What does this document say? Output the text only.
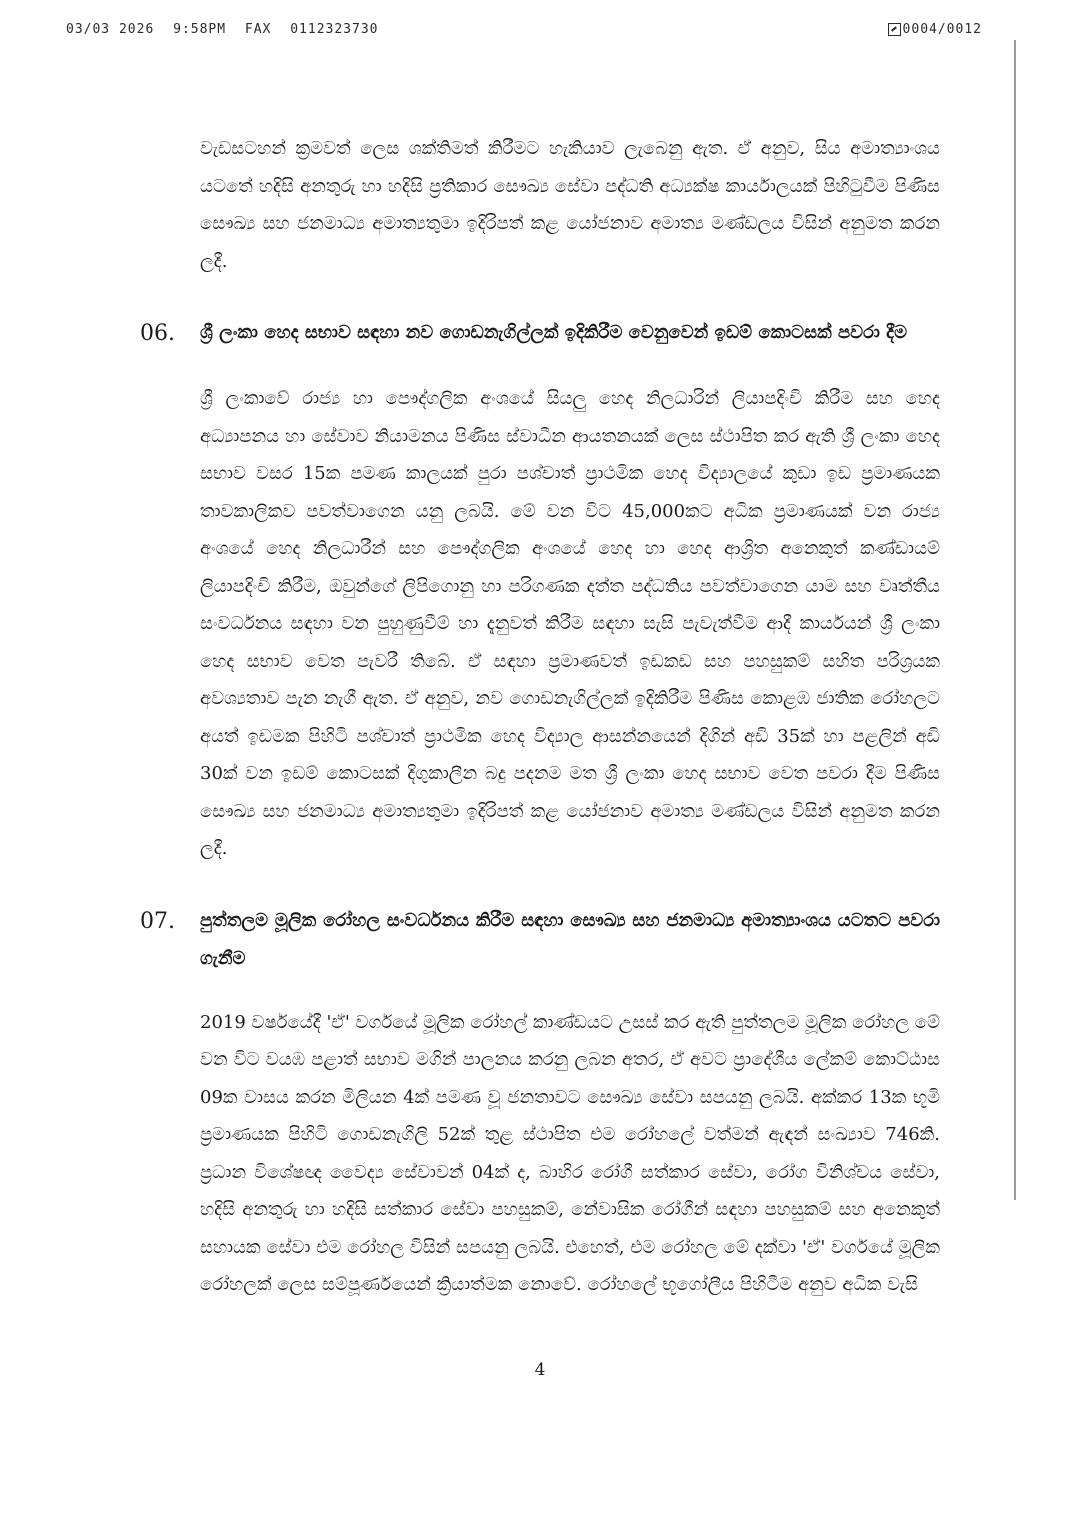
03/03 2026 9:58PM FAX 0112323730	0004/0012

වැඩසටහන් ක්‍රමවත් ලෙස ශක්තිමත් කිරීමට හැකියාව ලැබෙනු ඇත. ඒ අනුව, සිය අමාත්‍යාංශය යටතේ හදිසි අනතුරු හා හදිසි ප්‍රතිකාර සෞඛ්‍ය සේවා පද්ධති අධ්‍යක්ෂ කාර්යාලයක් පිහිටුවීම පිණිස සෞඛ්‍ය සහ ජනමාධ්‍ය අමාත්‍යතුමා ඉදිරිපත් කළ යෝජනාව අමාත්‍ය මණ්ඩලය විසින් අනුමත කරන ලදී.

06.	ශ්‍රී ලංකා හෙද සභාව සඳහා නව ගොඩනැගිල්ලක් ඉදිකිරීම වෙනුවෙන් ඉඩම් කොටසක් පවරා දීම

ශ්‍රී ලංකාවේ රාජ්‍ය හා පෞද්ගලික අංශයේ සියලු හෙද නිලධාරින් ලියාපදිංචි කිරීම සහ හෙද අධ්‍යාපනය හා සේවාව නියාමනය පිණිස ස්වාධීන ආයතනයක් ලෙස ස්ථාපිත කර ඇති ශ්‍රී ලංකා හෙද සභාව වසර 15ක පමණ කාලයක් පුරා පශ්චාත් ප්‍රාථමික හෙද විද්‍යාලයේ කුඩා ඉඩ ප්‍රමාණයක තාවකාලිකව පවත්වාගෙන යනු ලබයි. මේ වන විට 45,000කට අධික ප්‍රමාණයක් වන රාජ්‍ය අංශයේ හෙද නිලධාරීන් සහ පෞද්ගලික අංශයේ හෙද හා හෙද ආශ්‍රිත අනෙකුත් කණ්ඩායම් ලියාපදිංචි කිරීම, ඔවුන්ගේ ලිපිගොනු හා පරිගණක දත්ත පද්ධතිය පවත්වාගෙන යාම සහ වෘත්තීය සංවර්ධනය සඳහා වන පුහුණුවීම් හා දැනුවත් කිරීම සඳහා සැසි පැවැත්වීම ආදී කාර්යයන් ශ්‍රී ලංකා හෙද සභාව වෙත පැවරී තිබේ. ඒ සඳහා ප්‍රමාණවත් ඉඩකඩ සහ පහසුකම් සහිත පරිශ්‍රයක අවශ්‍යතාව පැන නැගී ඇත. ඒ අනුව, නව ගොඩනැගිල්ලක් ඉදිකිරීම පිණිස කොළඹ ජාතික රෝහලට අයත් ඉඩමක පිහිටි පශ්චාත් ප්‍රාථමික හෙද විද්‍යාල ආසන්නයෙන් දිගින් අඩි 35ක් හා පළලින් අඩි 30ක් වන ඉඩම් කොටසක් දිගුකාලීන බදු පදනම මත ශ්‍රී ලංකා හෙද සභාව වෙත පවරා දීම පිණිස සෞඛ්‍ය සහ ජනමාධ්‍ය අමාත්‍යතුමා ඉදිරිපත් කළ යෝජනාව අමාත්‍ය මණ්ඩලය විසින් අනුමත කරන ලදී.

07.	පුත්තලම මූලික රෝහල සංවර්ධනය කිරීම සඳහා සෞඛ්‍ය සහ ජනමාධ්‍ය අමාත්‍යාංශය යටතට පවරා ගැනීම

2019 වර්ෂයේදී 'ඒ' වර්ගයේ මූලික රෝහල් කාණ්ඩයට උසස් කර ඇති පුත්තලම මූලික රෝහල මේ වන විට වයඹ පළාත් සභාව මගින් පාලනය කරනු ලබන අතර, ඒ අවට ප්‍රාදේශීය ලේකම් කොට්ඨාස 09ක වාසය කරන මිලියන 4ක් පමණ වූ ජනතාවට සෞඛ්‍ය සේවා සපයනු ලබයි. අක්කර 13ක භූමි ප්‍රමාණයක පිහිටි ගොඩනැගිලි 52ක් තුළ ස්ථාපිත එම රෝහලේ වත්මන් ඇඳන් සංඛ්‍යාව 746කි. ප්‍රධාන විශේෂඥ වෛද්‍ය සේවාවන් 04ක් ද, බාහිර රෝගී සත්කාර සේවා, රෝග විනිශ්චය සේවා, හදිසි අනතුරු හා හදිසි සත්කාර සේවා පහසුකම්, නේවාසික රෝගීන් සඳහා පහසුකම් සහ අනෙකුත් සහායක සේවා එම රෝහල විසින් සපයනු ලබයි. එහෙත්, එම රෝහල මේ දක්වා 'ඒ' වර්ගයේ මූලික රෝහලක් ලෙස සම්පූර්ණයෙන් ක්‍රියාත්මක නොවේ. රෝහලේ භූගෝලීය පිහිටීම අනුව අධික වැසි

4
